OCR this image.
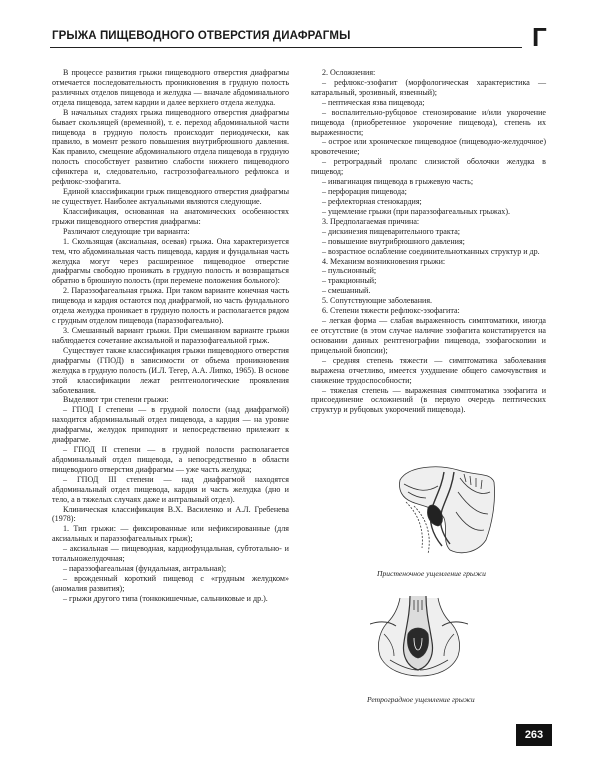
ГРЫЖА ПИЩЕВОДНОГО ОТВЕРСТИЯ ДИАФРАГМЫ	Г

В процессе развития грыжи пищеводного отверстия диафрагмы отмечается последовательность проникновения в грудную полость различных отделов пищевода и желудка — вначале абдоминального отдела пищевода, затем кардии и далее верхнего отдела желудка.

В начальных стадиях грыжа пищеводного отверстия диафрагмы бывает скользящей (временной), т. е. переход абдоминальной части пищевода в грудную полость происходит периодически, как правило, в момент резкого повышения внутрибрюшного давления. Как правило, смещение абдоминального отдела пищевода в грудную полость способствует развитию слабости нижнего пищеводного сфинктера и, следовательно, гастроэзофагеального рефлюкса и рефлюкс-эзофагита.

Единой классификации грыж пищеводного отверстия диафрагмы не существует. Наиболее актуальными являются следующие.

Классификация, основанная на анатомических особенностях грыжи пищеводного отверстия диафрагмы:

Различают следующие три варианта:

1. Скользящая (аксиальная, осевая) грыжа. Она характеризуется тем, что абдоминальная часть пищевода, кардия и фундальная часть желудка могут через расширенное пищеводное отверстие диафрагмы свободно проникать в грудную полость и возвращаться обратно в брюшную полость (при перемене положения больного):

2. Параэзофагеальная грыжа. При таком варианте конечная часть пищевода и кардия остаются под диафрагмой, но часть фундального отдела желудка проникает в грудную полость и располагается рядом с грудным отделом пищевода (параэзофагеально).

3. Смешанный вариант грыжи. При смешанном варианте грыжи наблюдается сочетание аксиальной и параэзофагеальной грыж.

Существует также классификация грыжи пищеводного отверстия диафрагмы (ГПОД) в зависимости от объема проникновения желудка в грудную полость (И.Л. Тегер, А.А. Липко, 1965). В основе этой классификации лежат рентгенологические проявления заболевания.

Выделяют три степени грыжи:

– ГПОД I степени — в грудной полости (над диафрагмой) находится абдоминальный отдел пищевода, а кардия — на уровне диафрагмы, желудок приподнят и непосредственно прилежит к диафрагме.

– ГПОД II степени — в грудной полости располагается абдоминальный отдел пищевода, а непосредственно в области пищеводного отверстия диафрагмы — уже часть желудка;

– ГПОД III степени — над диафрагмой находятся абдоминальный отдел пищевода, кардия и часть желудка (дно и тело, а в тяжелых случаях даже и антральный отдел).

Клиническая классификация В.Х. Василенко и А.Л. Гребенева (1978):

1. Тип грыжи: — фиксированные или нефиксированные (для аксиальных и параэзофагеальных грыж);

– аксиальная — пищеводная, кардиофундальная, субтотально- и тотальножелудочная;

– параэзофагеальная (фундальная, антральная);

– врожденный короткий пищевод с «грудным желудком» (аномалия развития);

– грыжи другого типа (тонкокишечные, сальниковые и др.).

2. Осложнения:

– рефлюкс-эзофагит (морфологическая характеристика — катаральный, эрозивный, язвенный);

– пептическая язва пищевода;

– воспалительно-рубцовое стенозирование и/или укорочение пищевода (приобретенное укорочение пищевода), степень их выраженности;

– острое или хроническое пищеводное (пищеводно-желудочное) кровотечение;

– ретроградный пролапс слизистой оболочки желудка в пищевод;

– инвагинация пищевода в грыжевую часть;

– перфорация пищевода;

– рефлекторная стенокардия;

– ущемление грыжи (при параэзофагеальных грыжах).

3. Предполагаемая причина:

– дискинезия пищеварительного тракта;

– повышение внутрибрюшного давления;

– возрастное ослабление соединительнотканных структур и др.

4. Механизм возникновения грыжи:

– пульсионный;

– тракционный;

– смешанный.

5. Сопутствующие заболевания.

6. Степени тяжести рефлюкс-эзофагита:

– легкая форма — слабая выраженность симптоматики, иногда ее отсутствие (в этом случае наличие эзофагита констатируется на основании данных рентгенографии пищевода, эзофагоскопии и прицельной биопсии);

– средняя степень тяжести — симптоматика заболевания выражена отчетливо, имеется ухудшение общего самочувствия и снижение трудоспособности;

– тяжелая степень — выраженная симптоматика эзофагита и присоединение осложнений (в первую очередь пептических структур и рубцовых укорочений пищевода).

Пристеночное ущемление грыжи
Ретроградное ущемление грыжи
263
